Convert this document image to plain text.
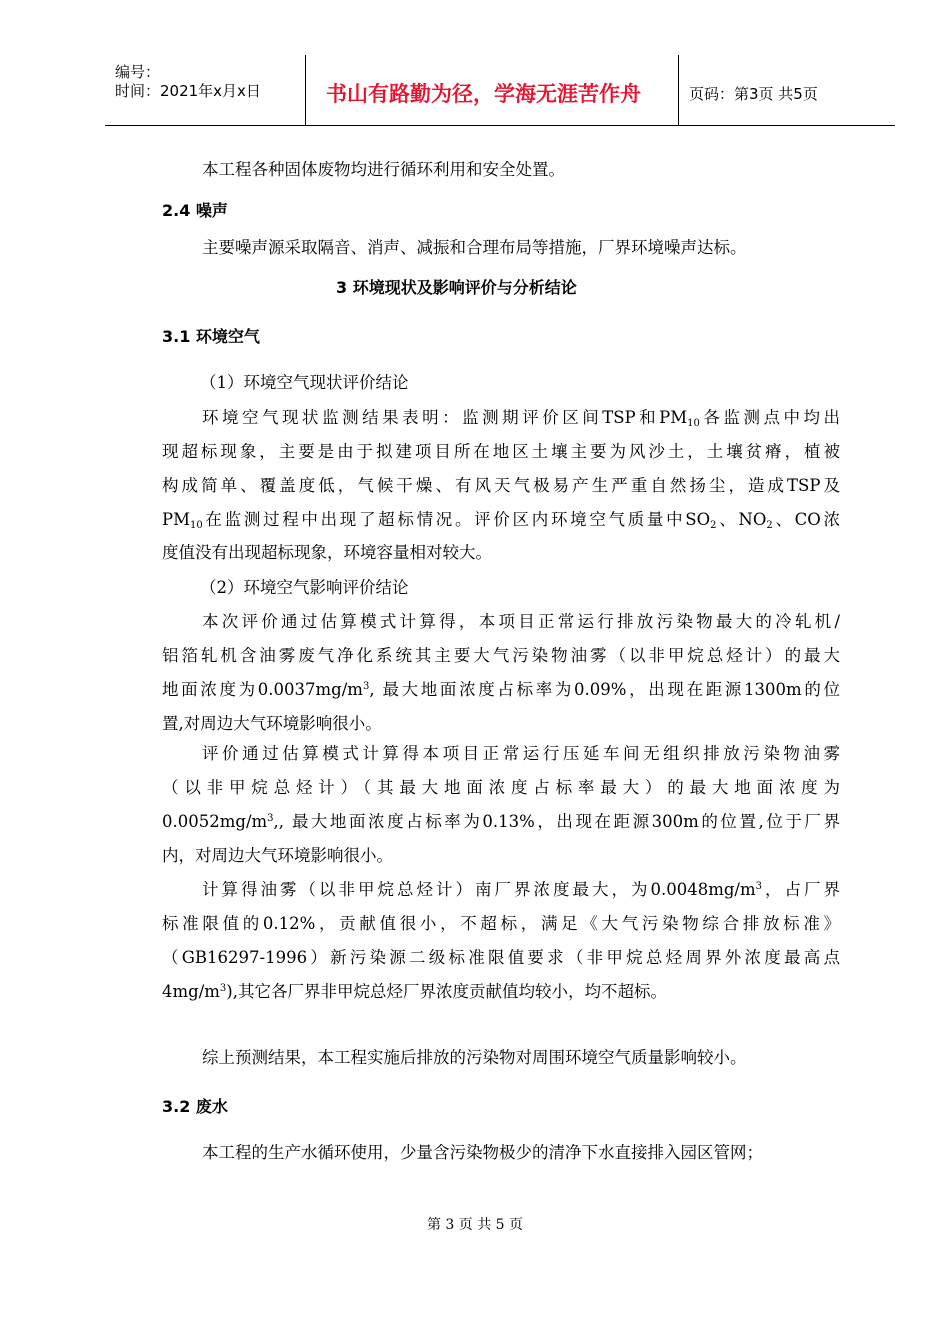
编号：
时间：2021年x月x日	书山有路勤为径，学海无涯苦作舟	页码：第3页 共5页
本工程各种固体废物均进行循环利用和安全处置。
2.4 噪声
主要噪声源采取隔音、消声、减振和合理布局等措施，厂界环境噪声达标。
3 环境现状及影响评价与分析结论
3.1 环境空气
（1）环境空气现状评价结论
环境空气现状监测结果表明：监测期评价区间TSP和$PM_{10}$各监测点中均出
现超标现象，主要是由于拟建项目所在地区土壤主要为风沙土，土壤贫瘠，植被
构成简单、覆盖度低，气候干燥、有风天气极易产生严重自然扬尘，造成TSP及
$PM_{10}$在监测过程中出现了超标情况。评价区内环境空气质量中$SO_2$、$NO_2$、CO浓
度值没有出现超标现象，环境容量相对较大。
（2）环境空气影响评价结论
本次评价通过估算模式计算得，本项目正常运行排放污染物最大的冷轧机/
铝箔轧机含油雾废气净化系统其主要大气污染物油雾（以非甲烷总烃计）的最大
地面浓度为$0.0037mg/m^3$, 最大地面浓度占标率为0.09%，出现在距源1300m的位
置,对周边大气环境影响很小。
评价通过估算模式计算得本项目正常运行压延车间无组织排放污染物油雾
（以非甲烷总烃计）（其最大地面浓度占标率最大）的最大地面浓度为
$0.0052mg/m^3$,, 最大地面浓度占标率为0.13%，出现在距源300m的位置,位于厂界
内，对周边大气环境影响很小。
计算得油雾（以非甲烷总烃计）南厂界浓度最大，为$0.0048mg/m^3$，占厂界
标准限值的0.12%，贡献值很小，不超标，满足《大气污染物综合排放标准》
（GB16297-1996）新污染源二级标准限值要求（非甲烷总烃周界外浓度最高点
$4mg/m^3$),其它各厂界非甲烷总烃厂界浓度贡献值均较小，均不超标。
综上预测结果，本工程实施后排放的污染物对周围环境空气质量影响较小。
3.2 废水
本工程的生产水循环使用，少量含污染物极少的清净下水直接排入园区管网；
第 3 页 共 5 页
